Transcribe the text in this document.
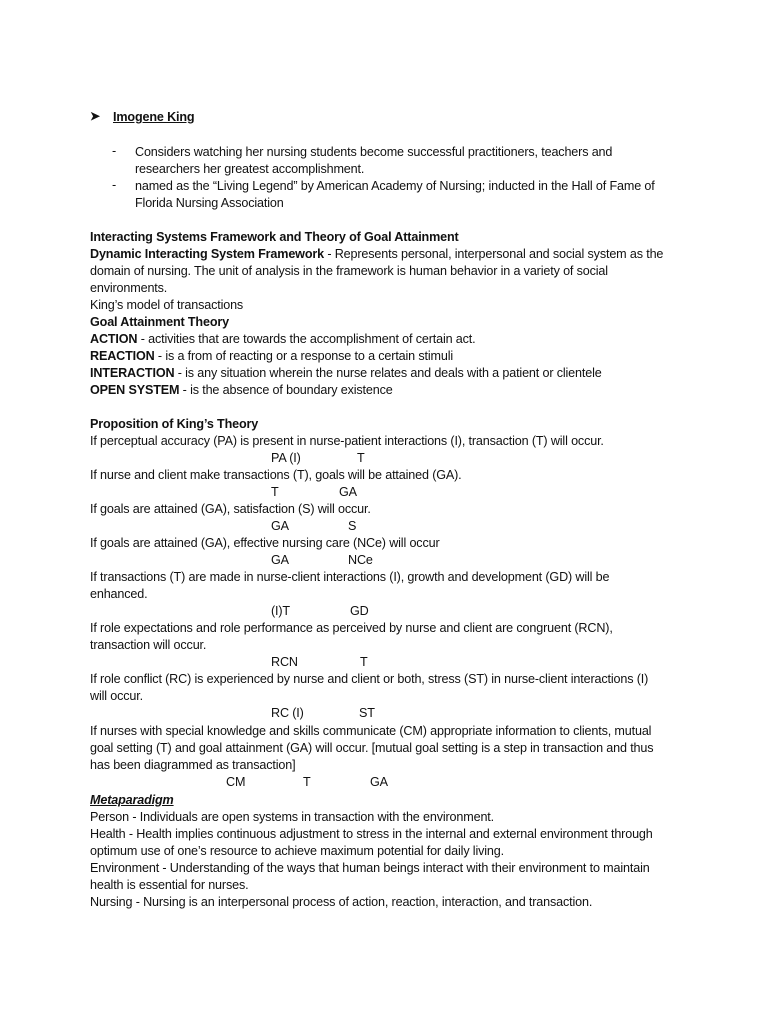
➤ Imogene King
- Considers watching her nursing students become successful practitioners, teachers and
researchers her greatest accomplishment.
- named as the “Living Legend” by American Academy of Nursing; inducted in the Hall of Fame of
Florida Nursing Association
Interacting Systems Framework and Theory of Goal Attainment
Dynamic Interacting System Framework - Represents personal, interpersonal and social system as the
domain of nursing. The unit of analysis in the framework is human behavior in a variety of social
environments.
King’s model of transactions
Goal Attainment Theory
ACTION - activities that are towards the accomplishment of certain act.
REACTION - is a from of reacting or a response to a certain stimuli
INTERACTION - is any situation wherein the nurse relates and deals with a patient or clientele
OPEN SYSTEM - is the absence of boundary existence
Proposition of King’s Theory
If perceptual accuracy (PA) is present in nurse-patient interactions (I), transaction (T) will occur.
PA (I)	T
If nurse and client make transactions (T), goals will be attained (GA).
T	GA
If goals are attained (GA), satisfaction (S) will occur.
GA	S
If goals are attained (GA), effective nursing care (NCe) will occur
GA	NCe
If transactions (T) are made in nurse-client interactions (I), growth and development (GD) will be
enhanced.
(I)T	GD
If role expectations and role performance as perceived by nurse and client are congruent (RCN),
transaction will occur.
RCN	T
If role conflict (RC) is experienced by nurse and client or both, stress (ST) in nurse-client interactions (I)
will occur.
RC (I)	ST
If nurses with special knowledge and skills communicate (CM) appropriate information to clients, mutual
goal setting (T) and goal attainment (GA) will occur. [mutual goal setting is a step in transaction and thus
has been diagrammed as transaction]
CM	T	GA
Metaparadigm
Person - Individuals are open systems in transaction with the environment.
Health - Health implies continuous adjustment to stress in the internal and external environment through
optimum use of one’s resource to achieve maximum potential for daily living.
Environment - Understanding of the ways that human beings interact with their environment to maintain
health is essential for nurses.
Nursing - Nursing is an interpersonal process of action, reaction, interaction, and transaction.
